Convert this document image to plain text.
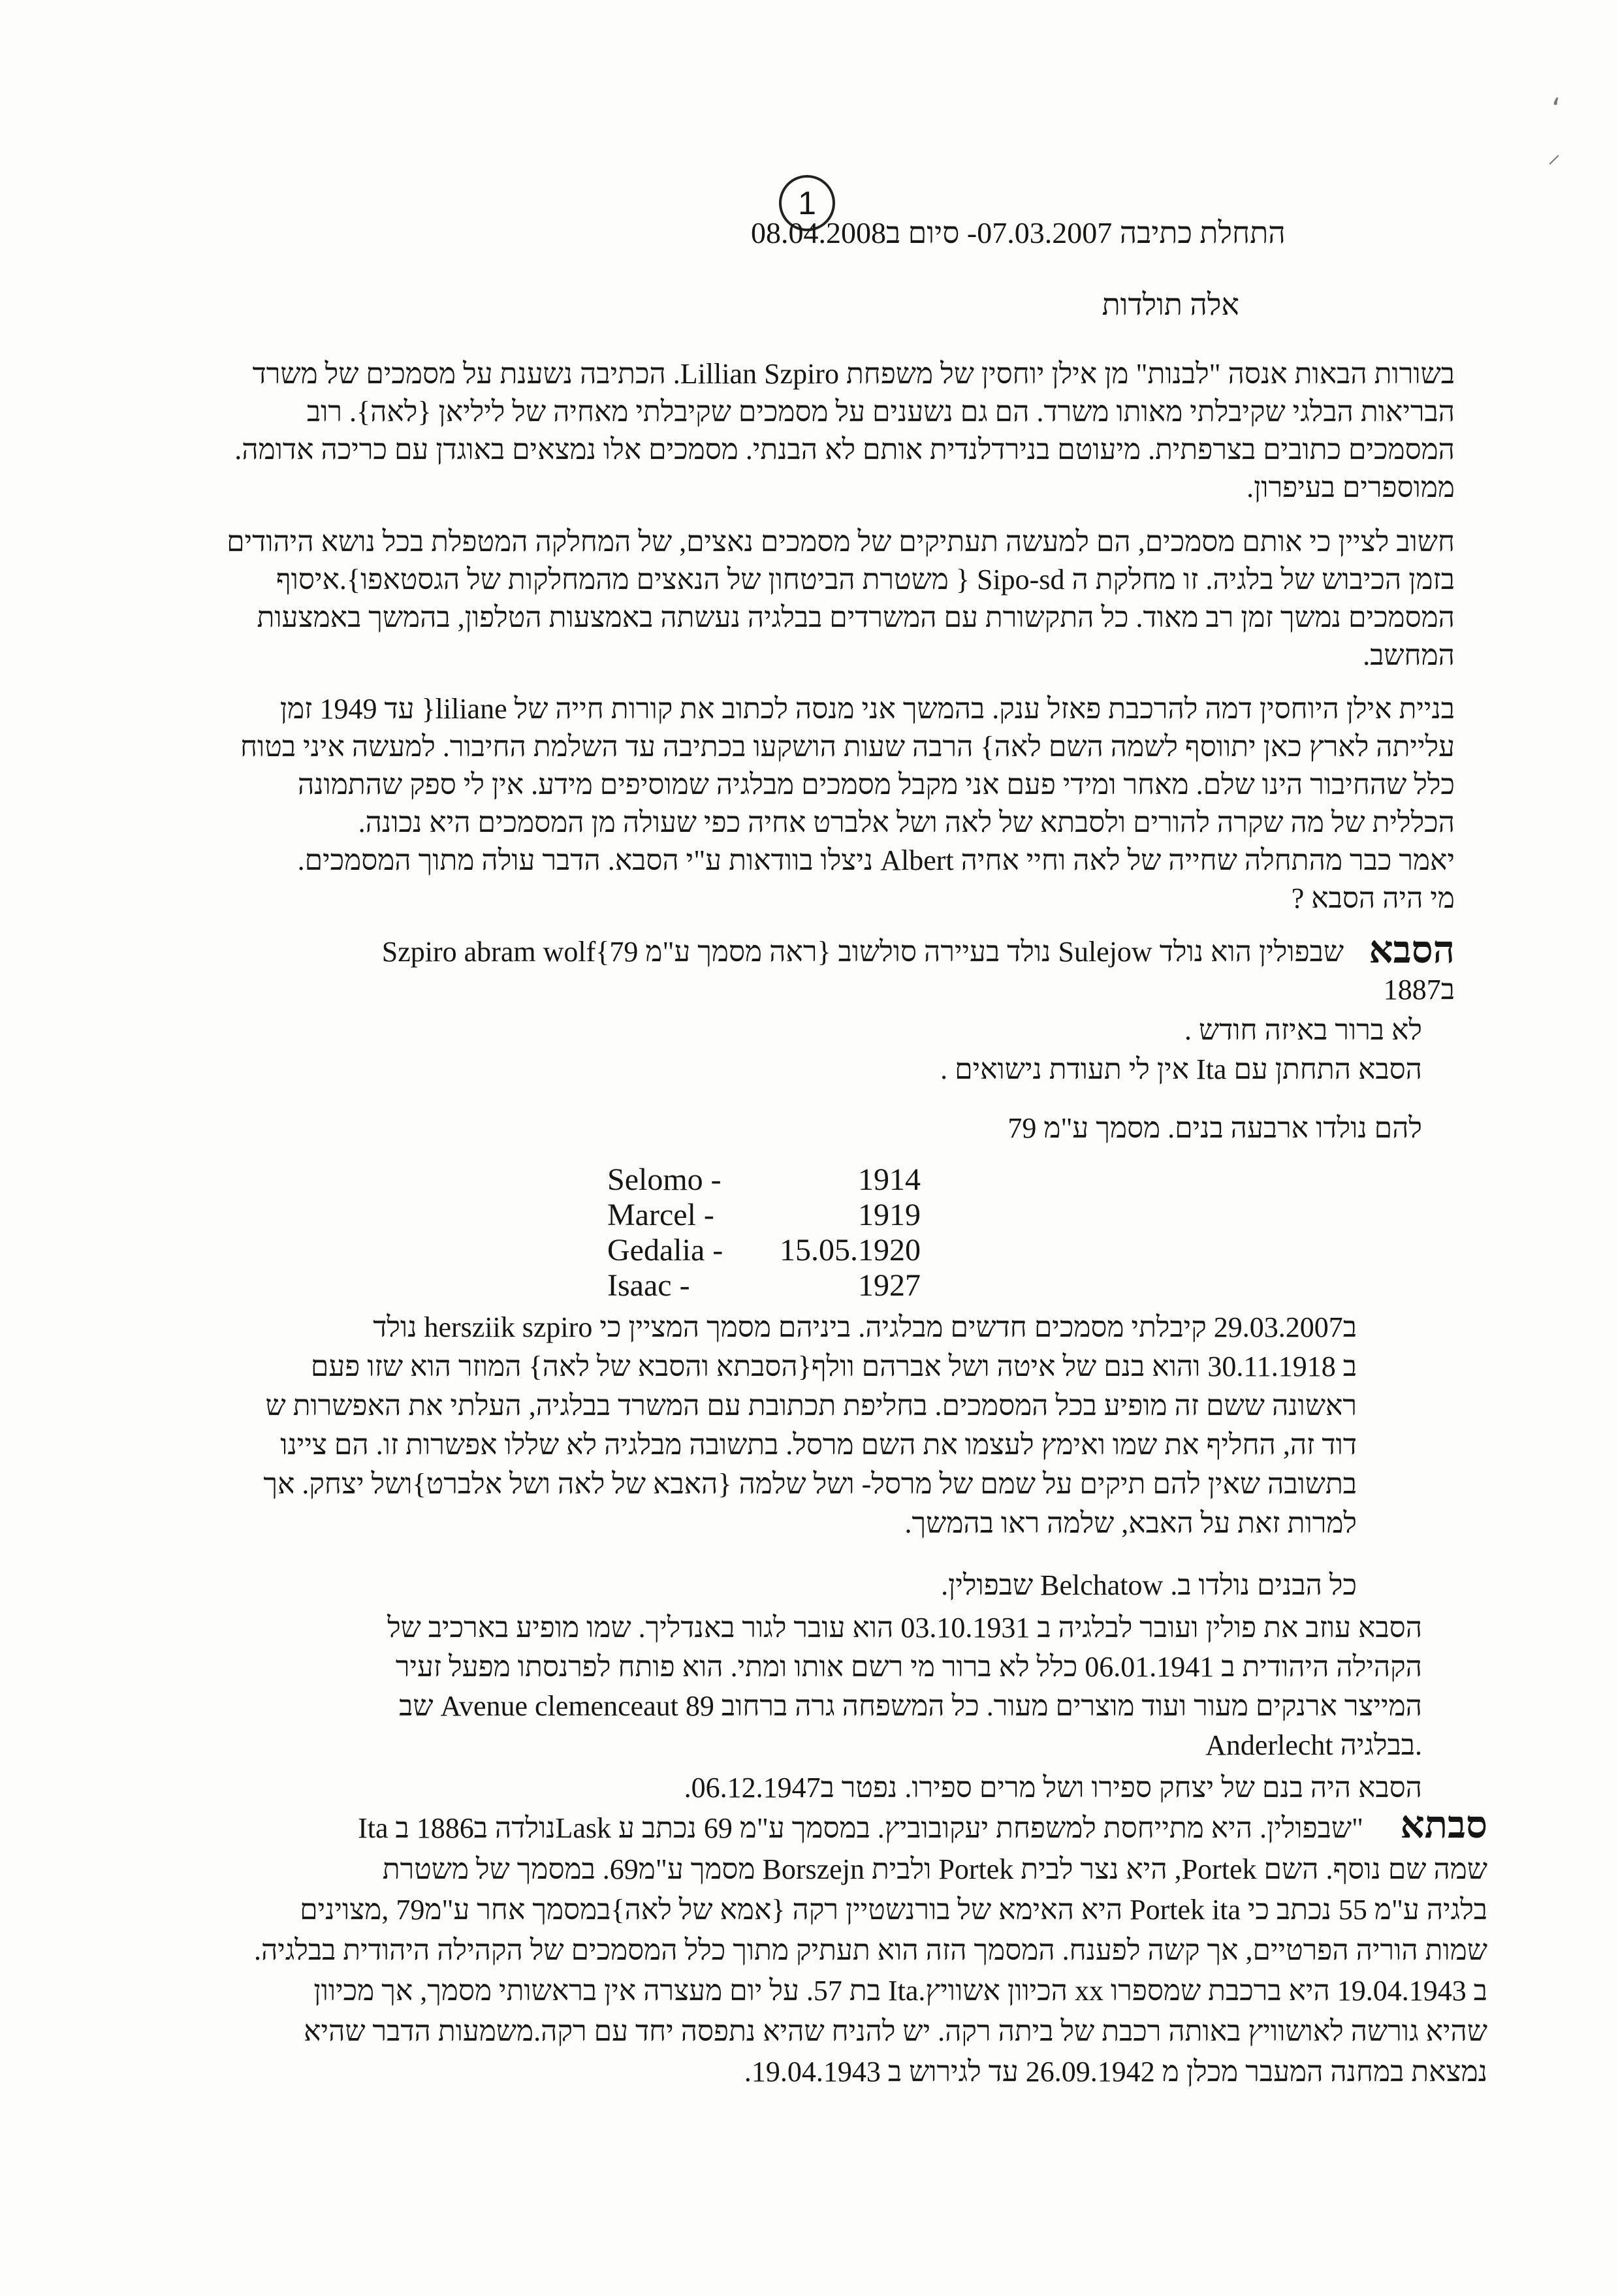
ʻ
⸝
1
התחלת כתיבה 07.03.2007- סיום ב08.04.2008
אלה תולדות
בשורות הבאות אנסה "לבנות" מן אילן יוחסין של משפחת Lillian Szpiro. הכתיבה נשענת על מסמכים של משרד
הבריאות הבלגי שקיבלתי מאותו משרד. הם גם נשענים על מסמכים שקיבלתי מאחיה של ליליאן {לאה}. רוב
המסמכים כתובים בצרפתית. מיעוטם בנירדלנדית אותם לא הבנתי. מסמכים אלו נמצאים באוגדן עם כריכה אדומה.
ממוספרים בעיפרון.
חשוב לציין כי אותם מסמכים, הם למעשה תעתיקים של מסמכים נאצים, של המחלקה המטפלת בכל נושא היהודים
בזמן הכיבוש של בלגיה. זו מחלקת ה Sipo-sd { משטרת הביטחון של הנאצים מהמחלקות של הגסטאפו}.איסוף
המסמכים נמשך זמן רב מאוד. כל התקשורת עם המשרדים בבלגיה נעשתה באמצעות הטלפון, בהמשך באמצעות
המחשב.
בניית אילן היוחסין דמה להרכבת פאזל ענק. בהמשך אני מנסה לכתוב את קורות חייה של liliane{ עד 1949 זמן
עלייתה לארץ כאן יתווסף לשמה השם לאה} הרבה שעות הושקעו בכתיבה עד השלמת החיבור. למעשה איני בטוח
כלל שהחיבור הינו שלם. מאחר ומידי פעם אני מקבל מסמכים מבלגיה שמוסיפים מידע. אין לי ספק שהתמונה
הכללית של מה שקרה להורים ולסבתא של לאה ושל אלברט אחיה כפי שעולה מן המסמכים היא נכונה.
יאמר כבר מהתחלה שחייה של לאה וחיי אחיה Albert ניצלו בוודאות ע"י הסבא. הדבר עולה מתוך המסמכים.
מי היה הסבא ?
הסבא
Szpiro abram wolf{ראה מסמך ע"מ 79} נולד בעיירה סולשוב Sulejow שבפולין הוא נולד
ב1887
לא ברור באיזה חודש .
הסבא התחתן עם Ita אין לי תעודת נישואים .
להם נולדו ארבעה בנים. מסמך ע"מ 79
Selomo -	1914
Marcel -	1919
Gedalia -	15.05.1920
Isaac -	1927
ב29.03.2007 קיבלתי מסמכים חדשים מבלגיה. ביניהם מסמך המציין כי hersziik szpiro נולד
ב 30.11.1918 והוא בנם של איטה ושל אברהם וולף{הסבתא והסבא של לאה} המוזר הוא שזו פעם
ראשונה ששם זה מופיע בכל המסמכים. בחליפת תכתובת עם המשרד בבלגיה, העלתי את האפשרות ש
דוד זה, החליף את שמו ואימץ לעצמו את השם מרסל. בתשובה מבלגיה לא שללו אפשרות זו. הם ציינו
בתשובה שאין להם תיקים על שמם של מרסל- ושל שלמה {האבא של לאה ושל אלברט}ושל יצחק. אך
למרות זאת על האבא, שלמה ראו בהמשך.
כל הבנים נולדו ב. Belchatow שבפולין.
הסבא עוזב את פולין ועובר לבלגיה ב 03.10.1931 הוא עובר לגור באנדליך. שמו מופיע בארכיב של
הקהילה היהודית ב 06.01.1941 כלל לא ברור מי רשם אותו ומתי. הוא פותח לפרנסתו מפעל זעיר
המייצר ארנקים מעור ועוד מוצרים מעור. כל המשפחה גרה ברחוב 89 Avenue clemenceaut שב
Anderlecht בבלגיה.
הסבא היה בנם של יצחק ספירו ושל מרים ספירו. נפטר ב06.12.1947.
סבתא
Ita נולדה ב1886 בLask שבפולין. היא מתייחסת למשפחת יעקובוביץ. במסמך ע"מ 69 נכתב ע"
שמה שם נוסף. השם Portek, היא נצר לבית Portek ולבית Borszejn מסמך ע"מ69. במסמך של משטרת
בלגיה ע"מ 55 נכתב כי Portek ita היא האימא של בורנשטיין רקה {אמא של לאה}במסמך אחר ע"מ79 ,מצוינים
שמות הוריה הפרטיים, אך קשה לפענח. המסמך הזה הוא תעתיק מתוך כלל המסמכים של הקהילה היהודית בבלגיה.
ב 19.04.1943 היא ברכבת שמספרו xx הכיוון אשוויץ.Ita בת 57. על יום מעצרה אין בראשותי מסמך, אך מכיוון
שהיא גורשה לאושוויץ באותה רכבת של ביתה רקה. יש להניח שהיא נתפסה יחד עם רקה.משמעות הדבר שהיא
נמצאת במחנה המעבר מכלן מ 26.09.1942 עד לגירוש ב 19.04.1943.
